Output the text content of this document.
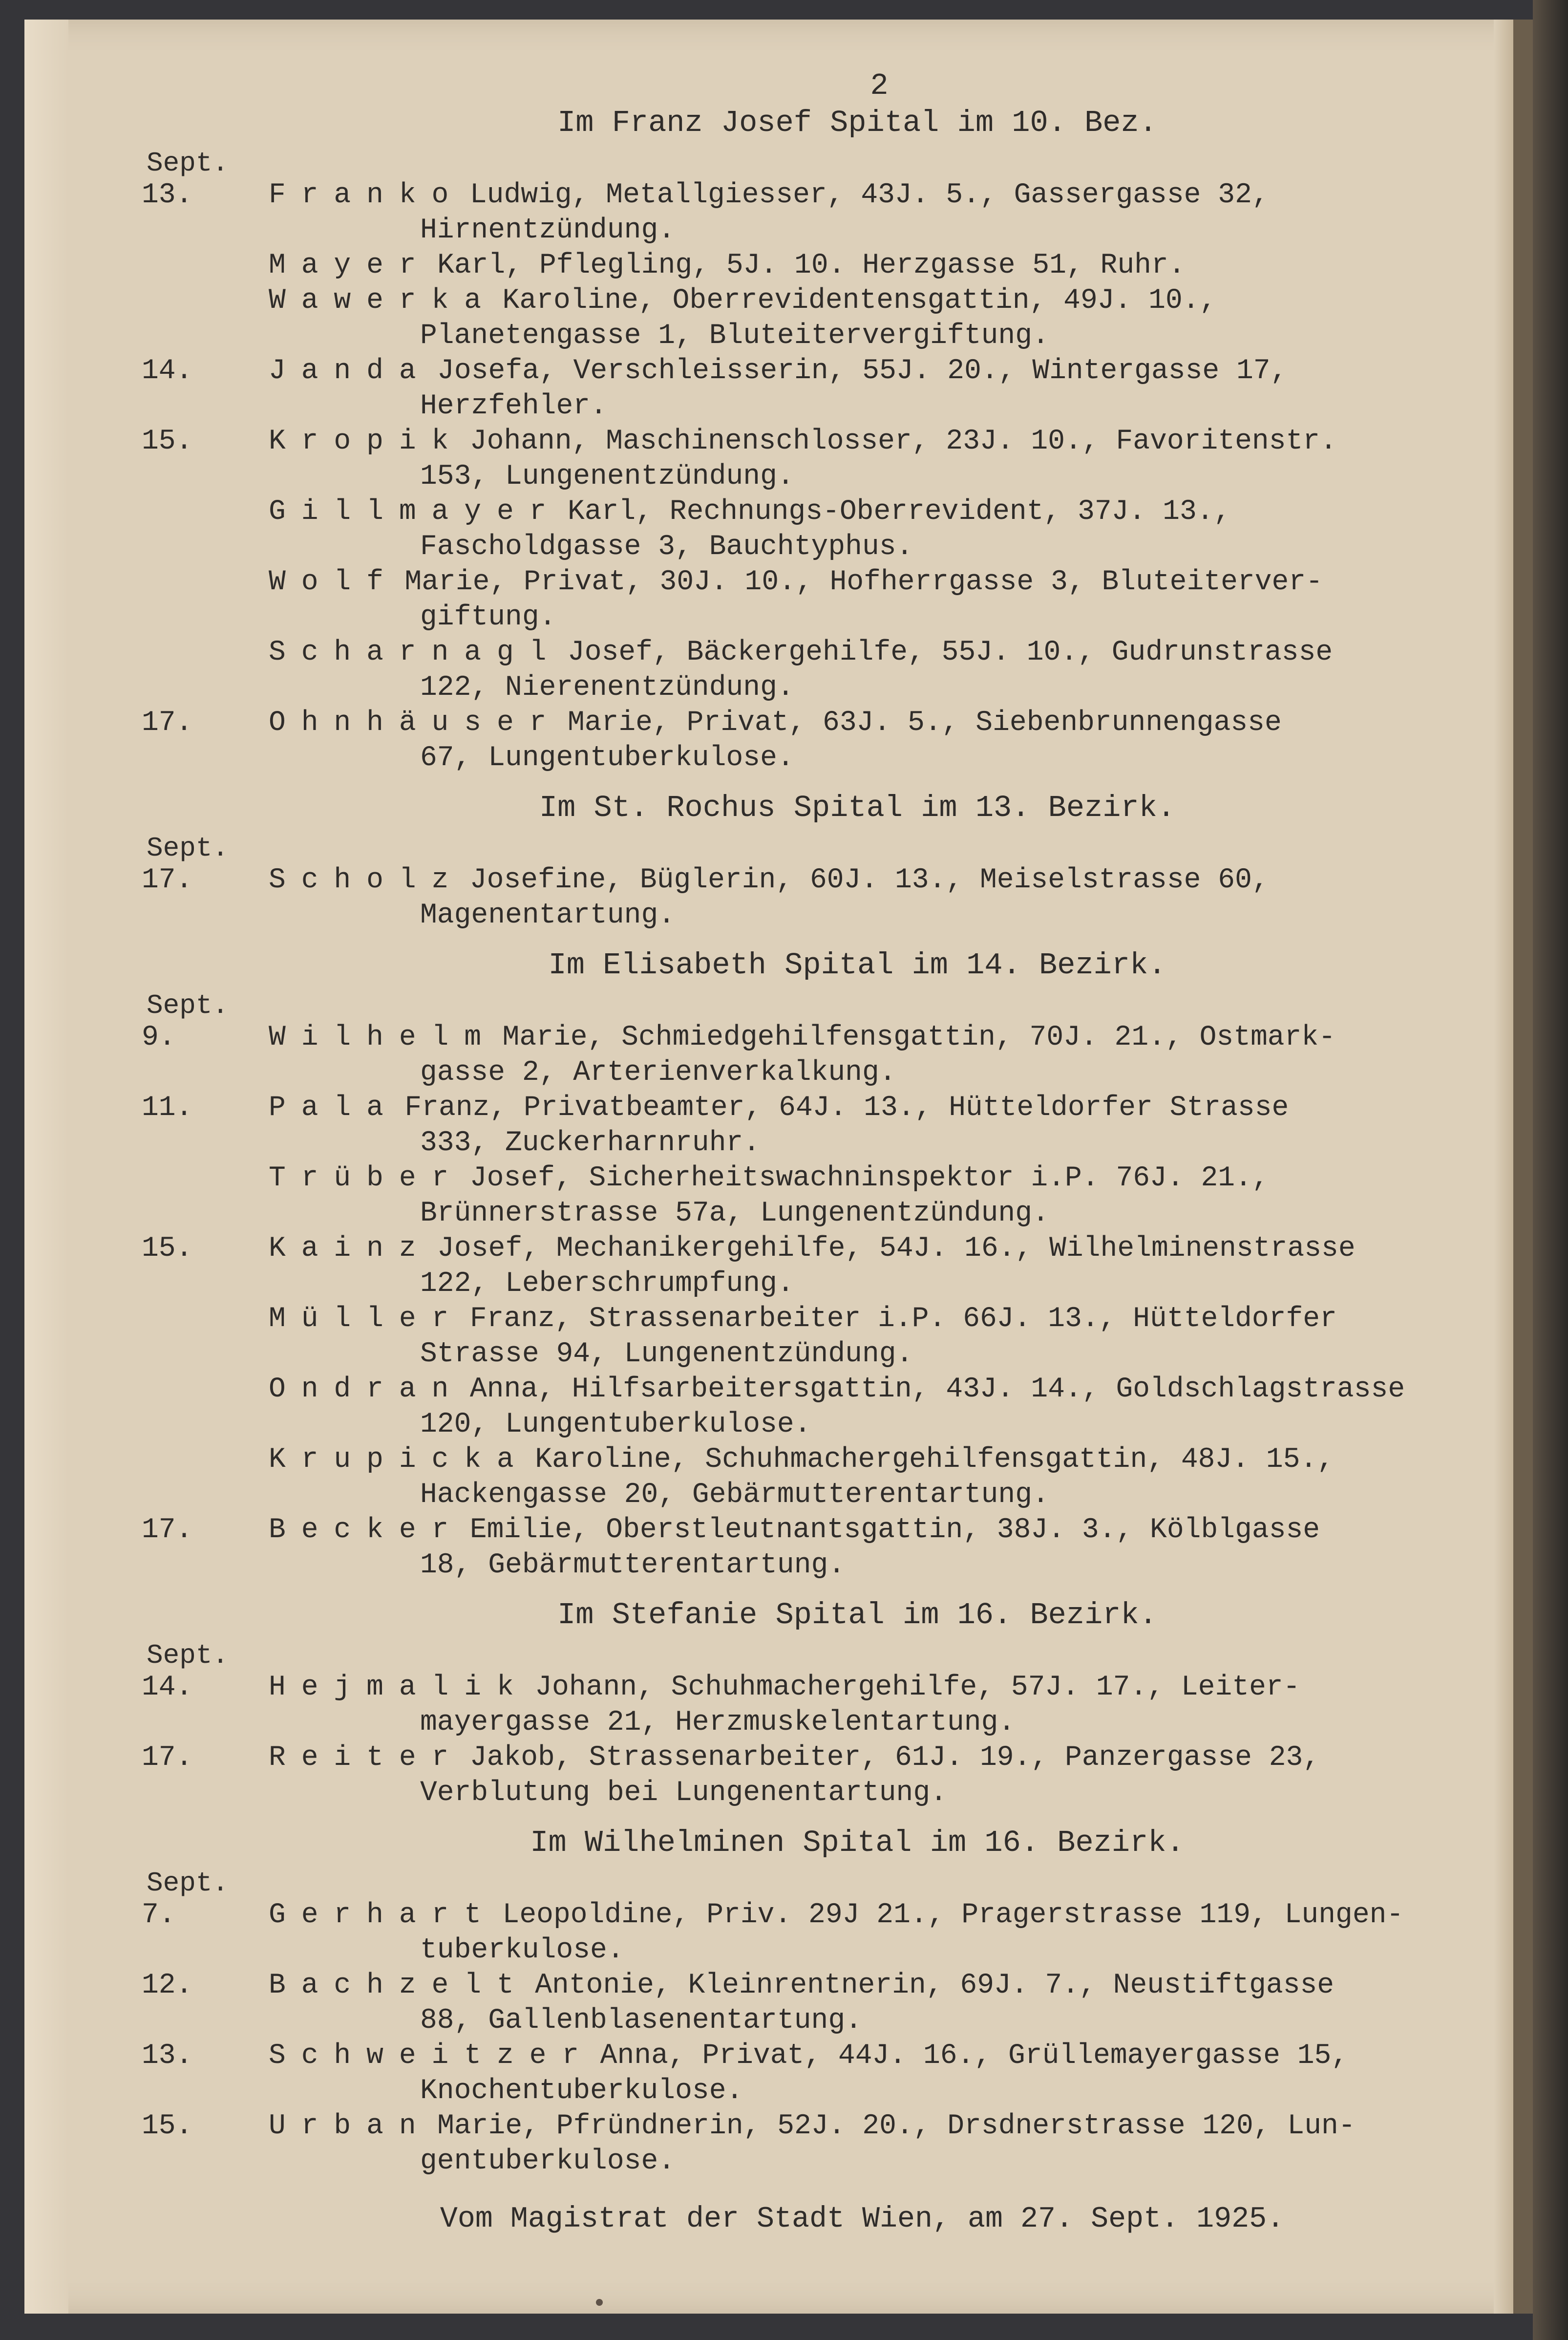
2
Im Franz Josef Spital im 10. Bez.
Sept.
13.	Franko Ludwig, Metallgiesser, 43J. 5., Gassergasse 32,
Hirnentzündung.
Mayer Karl, Pflegling, 5J. 10. Herzgasse 51, Ruhr.
Wawerka Karoline, Oberrevidentensgattin, 49J. 10.,
Planetengasse 1, Bluteitervergiftung.
14.	Janda Josefa, Verschleisserin, 55J. 20., Wintergasse 17,
Herzfehler.
15.	Kropik Johann, Maschinenschlosser, 23J. 10., Favoritenstr.
153, Lungenentzündung.
Gillmayer Karl, Rechnungs-Oberrevident, 37J. 13.,
Fascholdgasse 3, Bauchtyphus.
Wolf Marie, Privat, 30J. 10., Hofherrgasse 3, Bluteiterver-
giftung.
Scharnagl Josef, Bäckergehilfe, 55J. 10., Gudrunstrasse
122, Nierenentzündung.
17.	Ohnhäuser Marie, Privat, 63J. 5., Siebenbrunnengasse
67, Lungentuberkulose.
Im St. Rochus Spital im 13. Bezirk.
Sept.
17.	Scholz Josefine, Büglerin, 60J. 13., Meiselstrasse 60,
Magenentartung.
Im Elisabeth Spital im 14. Bezirk.
Sept.
9.	Wilhelm Marie, Schmiedgehilfensgattin, 70J. 21., Ostmark-
gasse 2, Arterienverkalkung.
11.	Pala Franz, Privatbeamter, 64J. 13., Hütteldorfer Strasse
333, Zuckerharnruhr.
Trüber Josef, Sicherheitswachninspektor i.P. 76J. 21.,
Brünnerstrasse 57a, Lungenentzündung.
15.	Kainz Josef, Mechanikergehilfe, 54J. 16., Wilhelminenstrasse
122, Leberschrumpfung.
Müller Franz, Strassenarbeiter i.P. 66J. 13., Hütteldorfer
Strasse 94, Lungenentzündung.
Ondran Anna, Hilfsarbeitersgattin, 43J. 14., Goldschlagstrasse
120, Lungentuberkulose.
Krupicka Karoline, Schuhmachergehilfensgattin, 48J. 15.,
Hackengasse 20, Gebärmutterentartung.
17.	Becker Emilie, Oberstleutnantsgattin, 38J. 3., Kölblgasse
18, Gebärmutterentartung.
Im Stefanie Spital im 16. Bezirk.
Sept.
14.	Hejmalik Johann, Schuhmachergehilfe, 57J. 17., Leiter-
mayergasse 21, Herzmuskelentartung.
17.	Reiter Jakob, Strassenarbeiter, 61J. 19., Panzergasse 23,
Verblutung bei Lungenentartung.
Im Wilhelminen Spital im 16. Bezirk.
Sept.
7.	Gerhart Leopoldine, Priv. 29J 21., Pragerstrasse 119, Lungen-
tuberkulose.
12.	Bachzelt Antonie, Kleinrentnerin, 69J. 7., Neustiftgasse
88, Gallenblasenentartung.
13.	Schweitzer Anna, Privat, 44J. 16., Grüllemayergasse 15,
Knochentuberkulose.
15.	Urban Marie, Pfründnerin, 52J. 20., Drsdnerstrasse 120, Lun-
gentuberkulose.
Vom Magistrat der Stadt Wien, am 27. Sept. 1925.
